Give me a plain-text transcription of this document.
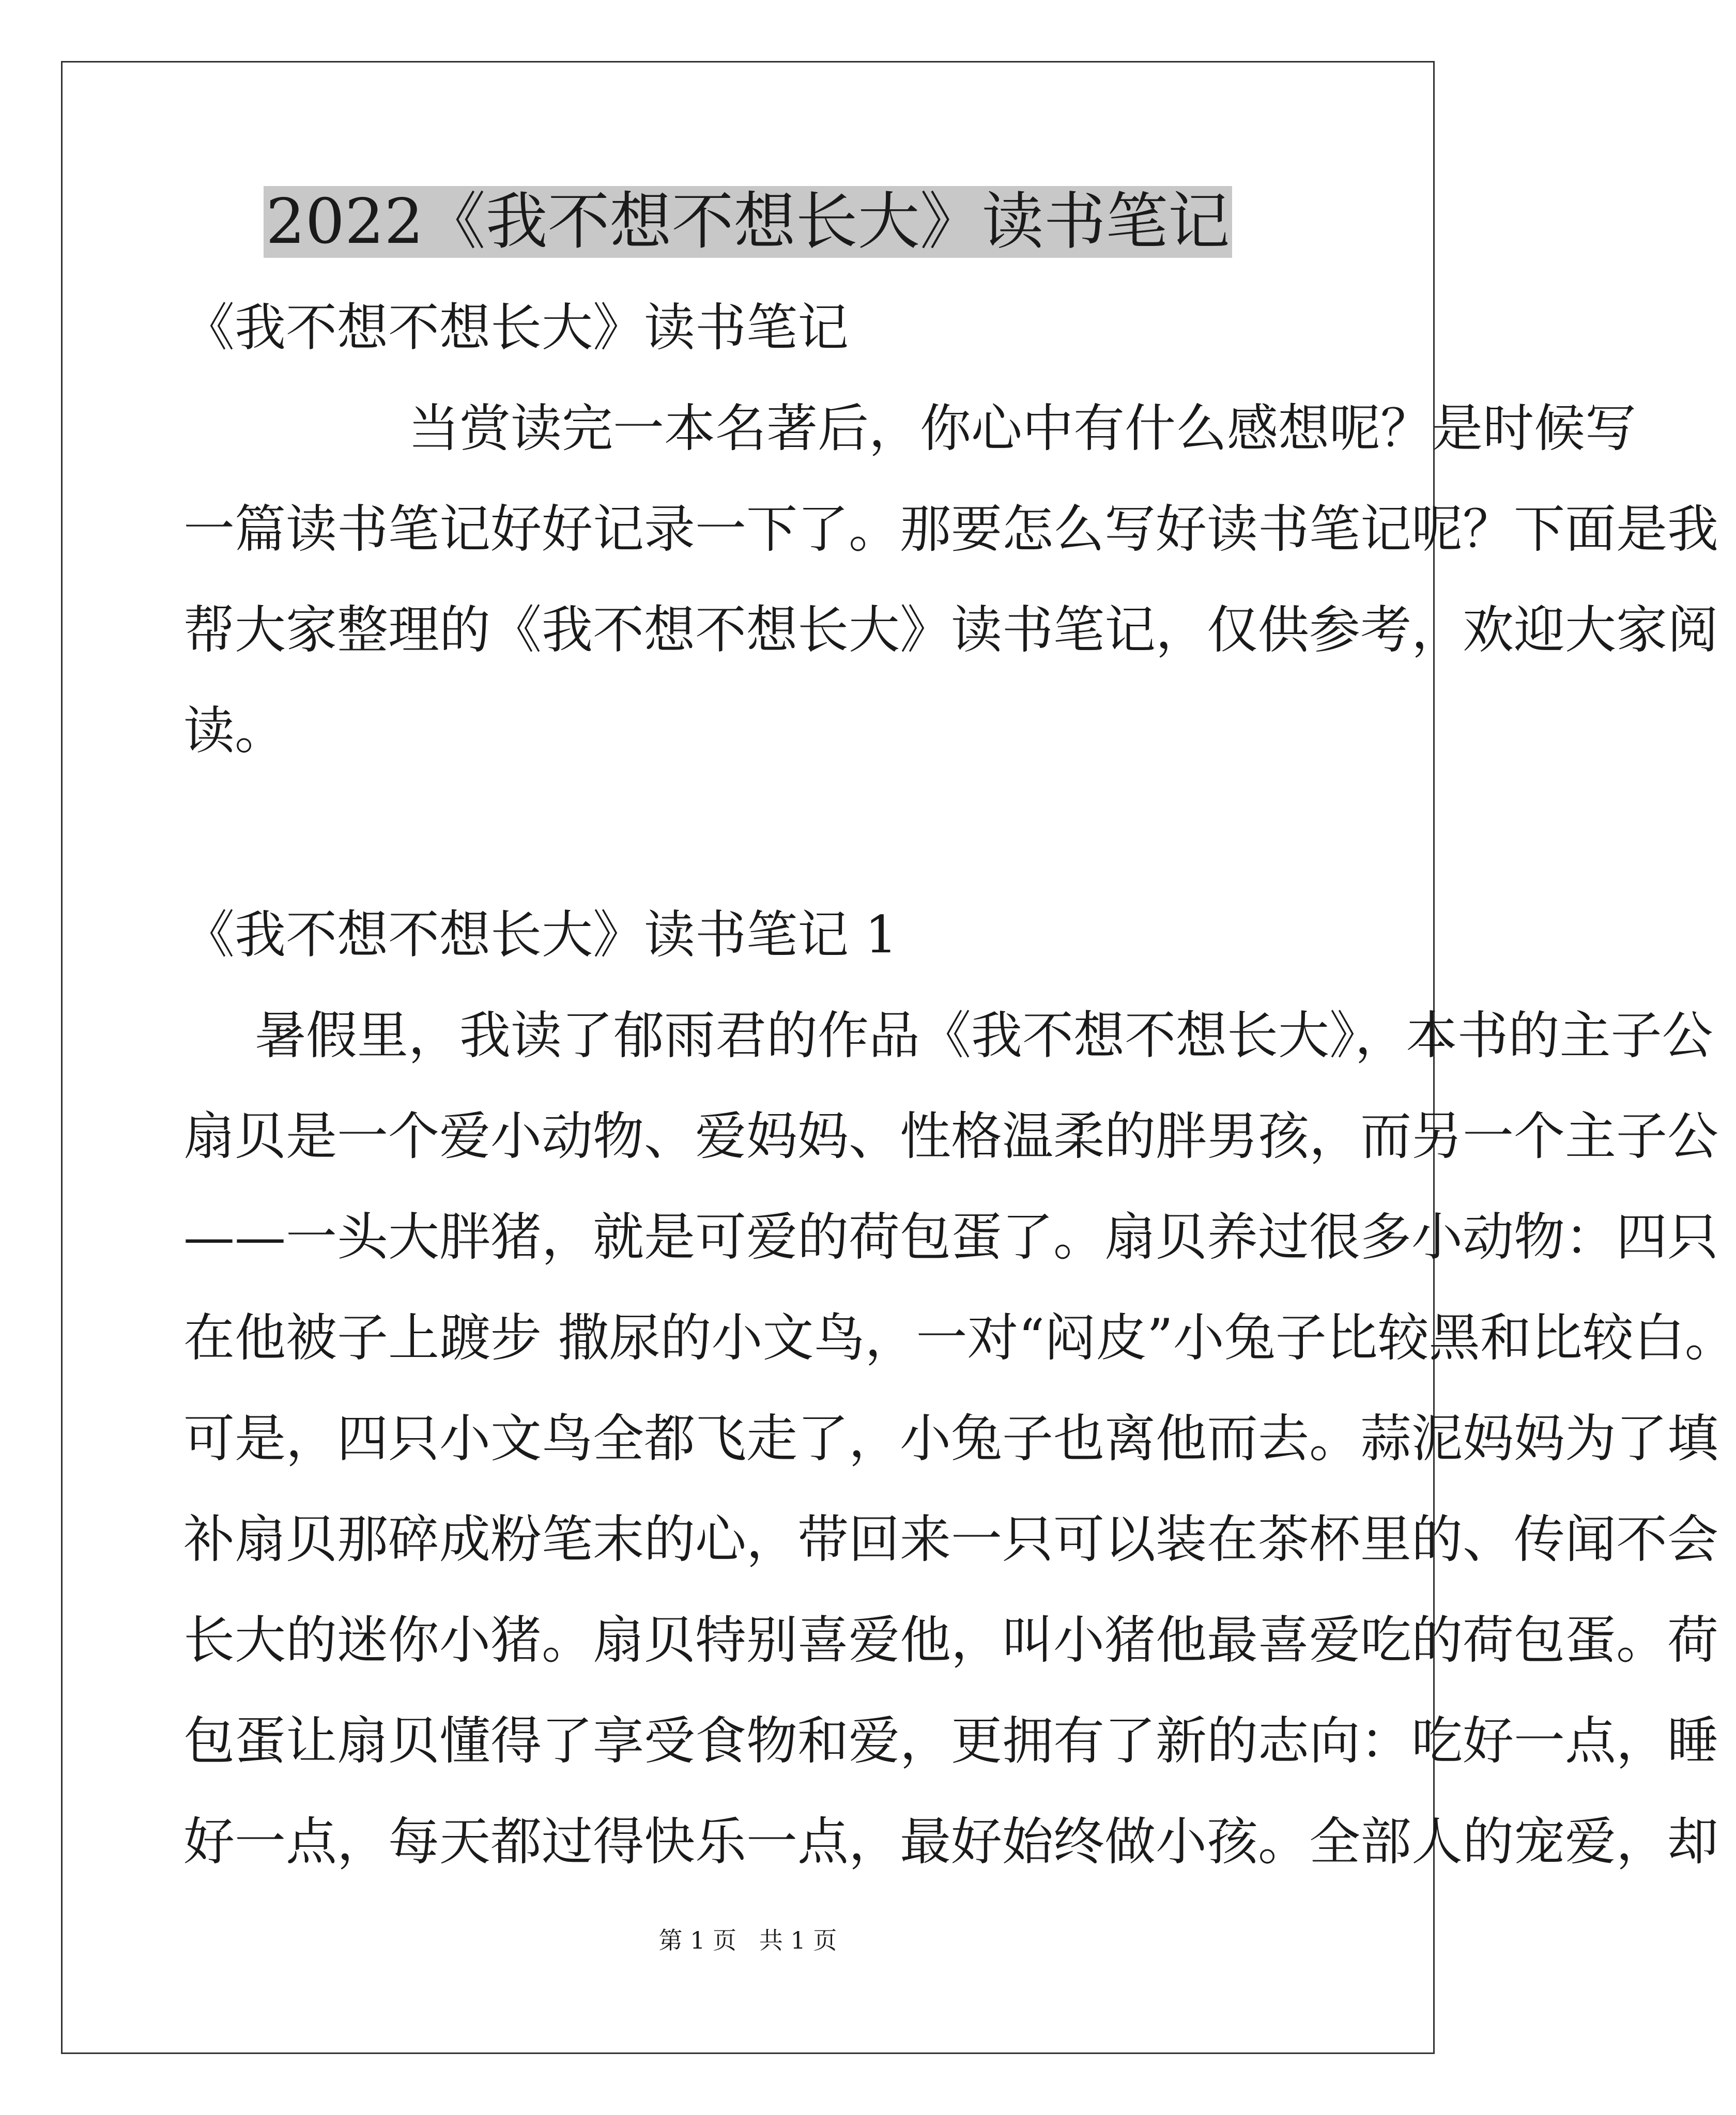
2022《我不想不想长大》读书笔记
《我不想不想长大》读书笔记
当赏读完一本名著后，你心中有什么感想呢？是时候写
一篇读书笔记好好记录一下了。那要怎么写好读书笔记呢？下面是我
帮大家整理的《我不想不想长大》读书笔记，仅供参考，欢迎大家阅
读。
《我不想不想长大》读书笔记 1
暑假里，我读了郁雨君的作品《我不想不想长大》，本书的主子公
扇贝是一个爱小动物、爱妈妈、性格温柔的胖男孩，而另一个主子公
——一头大胖猪，就是可爱的荷包蛋了。扇贝养过很多小动物：四只
在他被子上踱步 撒尿的小文鸟，一对“闷皮”小兔子比较黑和比较白。
可是，四只小文鸟全都飞走了，小兔子也离他而去。蒜泥妈妈为了填
补扇贝那碎成粉笔末的心，带回来一只可以装在茶杯里的、传闻不会
长大的迷你小猪。扇贝特别喜爱他，叫小猪他最喜爱吃的荷包蛋。荷
包蛋让扇贝懂得了享受食物和爱，更拥有了新的志向：吃好一点，睡
好一点，每天都过得快乐一点，最好始终做小孩。全部人的宠爱，却
第 1 页   共 1 页
